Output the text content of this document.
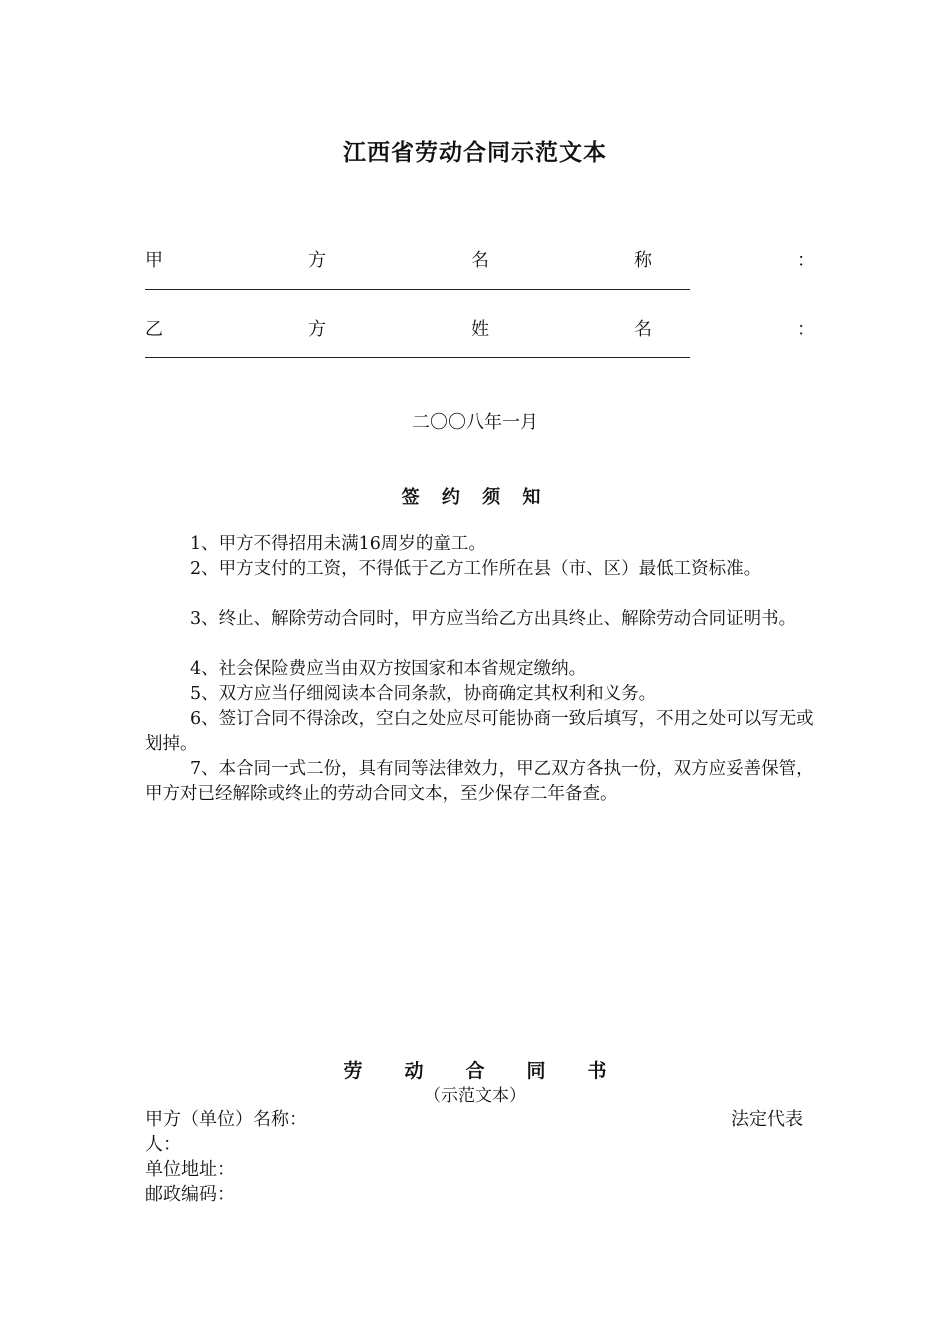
江西省劳动合同示范文本
甲	方	名	称	：
乙	方	姓	名	：
二〇〇八年一月
签 约 须 知
1、甲方不得招用未满16周岁的童工。
2、甲方支付的工资，不得低于乙方工作所在县（市、区）最低工资标准。
3、终止、解除劳动合同时，甲方应当给乙方出具终止、解除劳动合同证明书。
4、社会保险费应当由双方按国家和本省规定缴纳。
5、双方应当仔细阅读本合同条款，协商确定其权利和义务。
6、签订合同不得涂改，空白之处应尽可能协商一致后填写，不用之处可以写无或划掉。
7、本合同一式二份，具有同等法律效力，甲乙双方各执一份，双方应妥善保管，甲方对已经解除或终止的劳动合同文本，至少保存二年备查。
劳	动	合	同	书
（示范文本）
甲方（单位）名称：	法定代表
人：
单位地址：
邮政编码：
